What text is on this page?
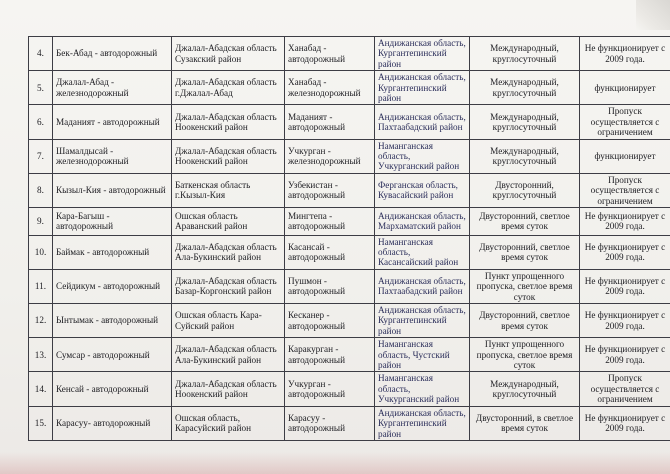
4.	Бек-Абад - автодорожный	Джалал-Абадская область Сузакский район	Ханабад - автодорожный	Андижанская область, Кургантепинский район	Международный, круглосуточный	Не функционирует с 2009 года.
5.	Джалал-Абад - железнодорожный	Джалал-Абадская область г.Джалал-Абад	Ханабад - железнодорожный	Андижанская область, Кургантепинский район	Международный, круглосуточный	функционирует
6.	Маданият - автодорожный	Джалал-Абадская область Ноокенский район	Маданият - автодорожный	Андижанская область, Пахтаабадский район	Международный, круглосуточный	Пропуск осуществляется с ограничением
7.	Шамалдысай - железнодорожный	Джалал-Абадская область Ноокенский район	Учкурган - железнодорожный	Наманганская область, Учкурганский район	Международный, круглосуточный	функционирует
8.	Кызыл-Кия - автодорожный	Баткенская область г.Кызыл-Кия	Узбекистан - автодорожный	Ферганская область, Кувасайский район	Двусторонний, круглосуточный	Пропуск осуществляется с ограничением
9.	Кара-Багыш - автодорожный	Ошская область Араванский район	Мингтепа - автодорожный	Андижанская область, Мархаматский район	Двусторонний, светлое время суток	Не функционирует с 2009 года.
10.	Баймак - автодорожный	Джалал-Абадская область Ала-Букинский район	Касансай - автодорожный	Наманганская область, Касансайский район	Двусторонний, светлое время суток	Не функционирует с 2009 года.
11.	Сейдикум - автодорожный	Джалал-Абадская область Базар-Коргонский район	Пушмон - автодорожный	Андижанская область, Пахтаабадский район	Пункт упрощенного пропуска, светлое время суток	Не функционирует с 2009 года.
12.	Ынтымак - автодорожный	Ошская область Кара-Суйский район	Кесканер - автодорожный	Андижанская область, Кургантепинский район	Двусторонний, светлое время суток	Не функционирует с 2009 года.
13.	Сумсар - автодорожный	Джалал-Абадская область Ала-Букинский район	Каракурган - автодорожный	Наманганская область, Чустский район	Пункт упрощенного пропуска, светлое время суток	Не функционирует с 2009 года.
14.	Кенсай - автодорожный	Джалал-Абадская область Ноокенский район	Учкурган - автодорожный	Наманганская область, Учкурганский район	Международный, круглосуточный	Пропуск осуществляется с ограничением
15.	Карасуу- автодорожный	Ошская область, Карасуйский район	Карасуу - автодорожный	Андижанская область, Кургантепинский район	Двусторонний, в светлое время суток	Не функционирует с 2009 года.
